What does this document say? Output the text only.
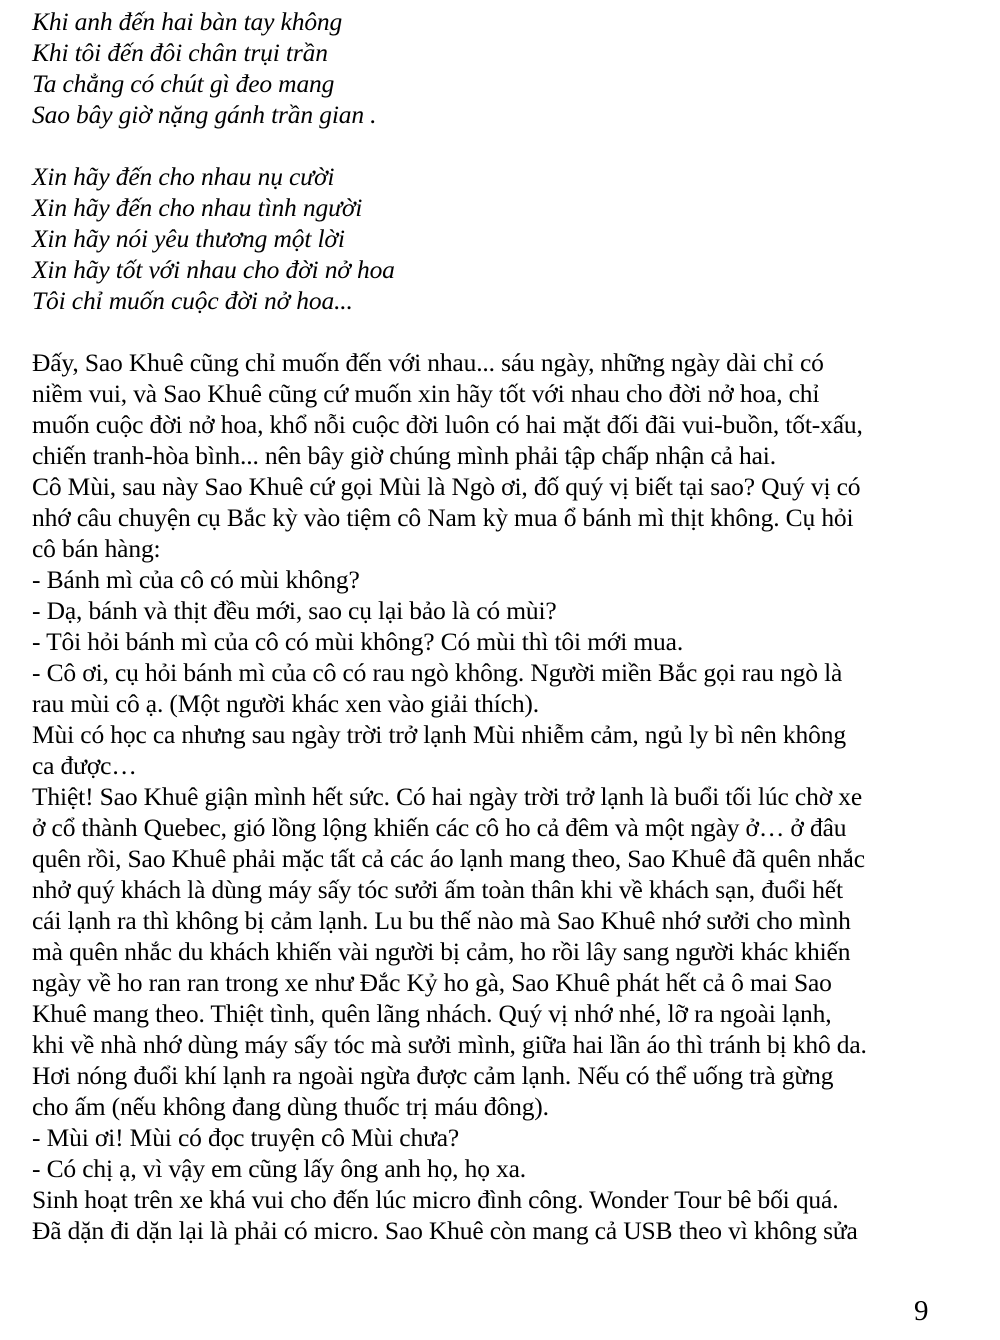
Khi anh đến hai bàn tay không
Khi tôi đến đôi chân trụi trần
Ta chẳng có chút gì đeo mang
Sao bây giờ nặng gánh trần gian .
Xin hãy đến cho nhau nụ cười
Xin hãy đến cho nhau tình người
Xin hãy nói yêu thương một lời
Xin hãy tốt với nhau cho đời nở hoa
Tôi chỉ muốn cuộc đời nở hoa...
Đấy, Sao Khuê cũng chỉ muốn đến với nhau... sáu ngày, những ngày dài chỉ có
niềm vui, và Sao Khuê cũng cứ muốn xin hãy tốt với nhau cho đời nở hoa, chỉ
muốn cuộc đời nở hoa, khổ nỗi cuộc đời luôn có hai mặt đối đãi vui-buồn, tốt-xấu,
chiến tranh-hòa bình... nên bây giờ chúng mình phải tập chấp nhận cả hai.
Cô Mùi, sau này Sao Khuê cứ gọi Mùi là Ngò ơi, đố quý vị biết tại sao? Quý vị có
nhớ câu chuyện cụ Bắc kỳ vào tiệm cô Nam kỳ mua ổ bánh mì thịt không. Cụ hỏi
cô bán hàng:
- Bánh mì của cô có mùi không?
- Dạ, bánh và thịt đều mới, sao cụ lại bảo là có mùi?
- Tôi hỏi bánh mì của cô có mùi không? Có mùi thì tôi mới mua.
- Cô ơi, cụ hỏi bánh mì của cô có rau ngò không. Người miền Bắc gọi rau ngò là
rau mùi cô ạ. (Một người khác xen vào giải thích).
Mùi có học ca nhưng sau ngày trời trở lạnh Mùi nhiễm cảm, ngủ ly bì nên không
ca được…
Thiệt! Sao Khuê giận mình hết sức. Có hai ngày trời trở lạnh là buổi tối lúc chờ xe
ở cổ thành Quebec, gió lồng lộng khiến các cô ho cả đêm và một ngày ở… ở đâu
quên rồi, Sao Khuê phải mặc tất cả các áo lạnh mang theo, Sao Khuê đã quên nhắc
nhở quý khách là dùng máy sấy tóc sưởi ấm toàn thân khi về khách sạn, đuổi hết
cái lạnh ra thì không bị cảm lạnh. Lu bu thế nào mà Sao Khuê nhớ sưởi cho mình
mà quên nhắc du khách khiến vài người bị cảm, ho rồi lây sang người khác khiến
ngày về ho ran ran trong xe như Đắc Kỷ ho gà, Sao Khuê phát hết cả ô mai Sao
Khuê mang theo. Thiệt tình, quên lãng nhách. Quý vị nhớ nhé, lỡ ra ngoài lạnh,
khi về nhà nhớ dùng máy sấy tóc mà sưởi mình, giữa hai lần áo thì tránh bị khô da.
Hơi nóng đuổi khí lạnh ra ngoài ngừa được cảm lạnh. Nếu có thể uống trà gừng
cho ấm (nếu không đang dùng thuốc trị máu đông).
- Mùi ơi! Mùi có đọc truyện cô Mùi chưa?
- Có chị ạ, vì vậy em cũng lấy ông anh họ, họ xa.
Sinh hoạt trên xe khá vui cho đến lúc micro đình công. Wonder Tour bê bối quá.
Đã dặn đi dặn lại là phải có micro. Sao Khuê còn mang cả USB theo vì không sửa
9
